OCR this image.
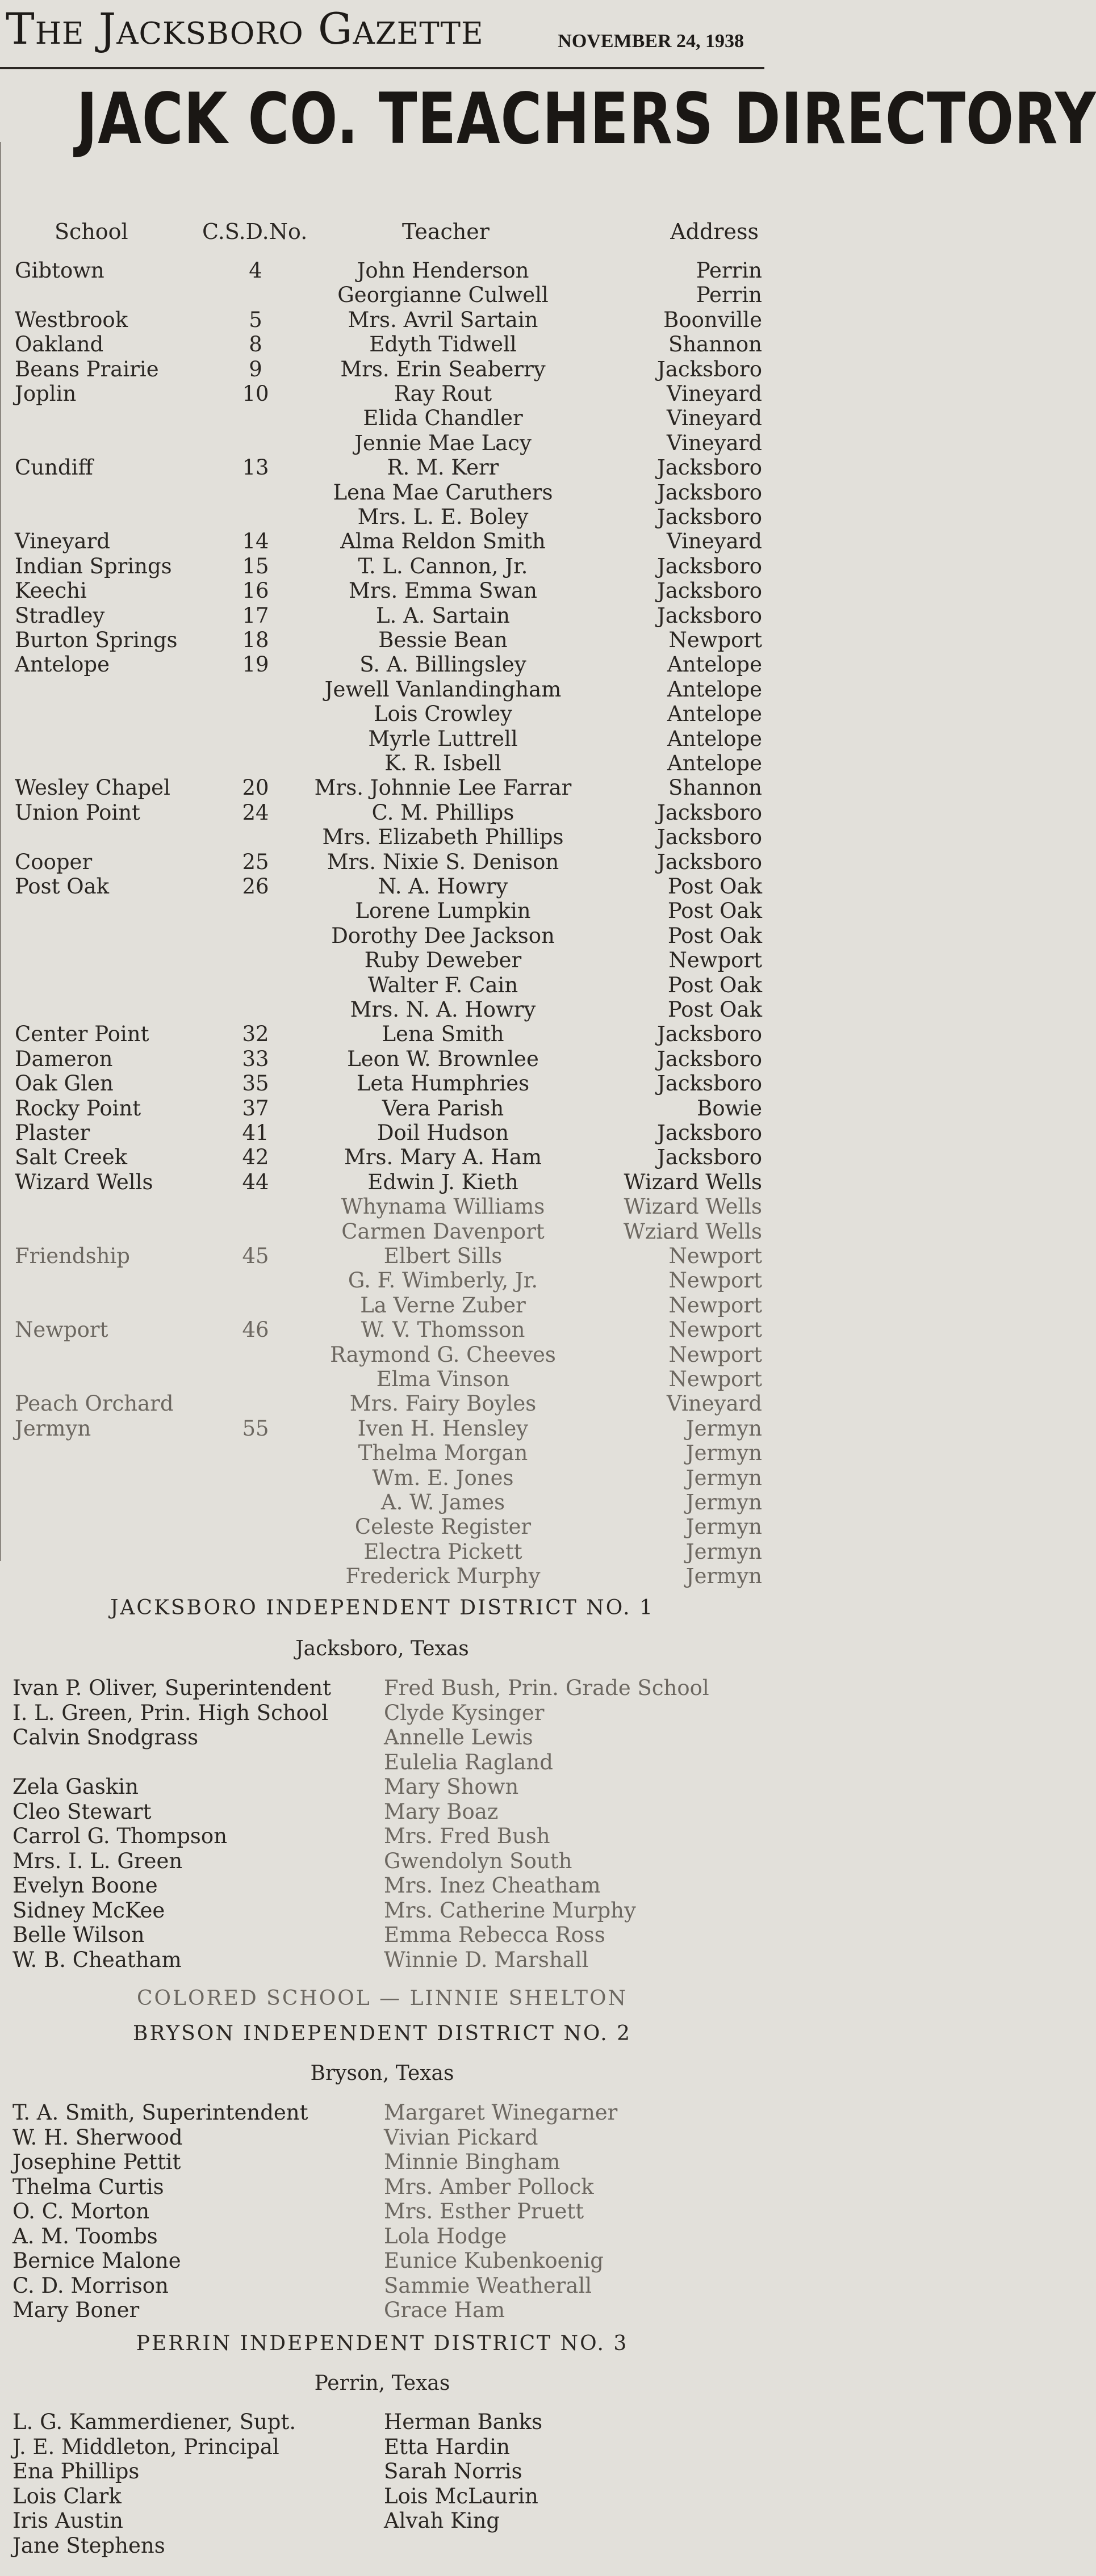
The Jacksboro Gazette	NOVEMBER 24, 1938
JACK CO. TEACHERS DIRECTORY
School	C.S.D.No.	Teacher	Address
Gibtown	4	John Henderson	Perrin
Georgianne Culwell	Perrin
Westbrook	5	Mrs. Avril Sartain	Boonville
Oakland	8	Edyth Tidwell	Shannon
Beans Prairie	9	Mrs. Erin Seaberry	Jacksboro
Joplin	10	Ray Rout	Vineyard
Elida Chandler	Vineyard
Jennie Mae Lacy	Vineyard
Cundiff	13	R. M. Kerr	Jacksboro
Lena Mae Caruthers	Jacksboro
Mrs. L. E. Boley	Jacksboro
Vineyard	14	Alma Reldon Smith	Vineyard
Indian Springs	15	T. L. Cannon, Jr.	Jacksboro
Keechi	16	Mrs. Emma Swan	Jacksboro
Stradley	17	L. A. Sartain	Jacksboro
Burton Springs	18	Bessie Bean	Newport
Antelope	19	S. A. Billingsley	Antelope
Jewell Vanlandingham	Antelope
Lois Crowley	Antelope
Myrle Luttrell	Antelope
K. R. Isbell	Antelope
Wesley Chapel	20	Mrs. Johnnie Lee Farrar	Shannon
Union Point	24	C. M. Phillips	Jacksboro
Mrs. Elizabeth Phillips	Jacksboro
Cooper	25	Mrs. Nixie S. Denison	Jacksboro
Post Oak	26	N. A. Howry	Post Oak
Lorene Lumpkin	Post Oak
Dorothy Dee Jackson	Post Oak
Ruby Deweber	Newport
Walter F. Cain	Post Oak
Mrs. N. A. Howry	Post Oak
Center Point	32	Lena Smith	Jacksboro
Dameron	33	Leon W. Brownlee	Jacksboro
Oak Glen	35	Leta Humphries	Jacksboro
Rocky Point	37	Vera Parish	Bowie
Plaster	41	Doil Hudson	Jacksboro
Salt Creek	42	Mrs. Mary A. Ham	Jacksboro
Wizard Wells	44	Edwin J. Kieth	Wizard Wells
Whynama Williams	Wizard Wells
Carmen Davenport	Wziard Wells
Friendship	45	Elbert Sills	Newport
G. F. Wimberly, Jr.	Newport
La Verne Zuber	Newport
Newport	46	W. V. Thomsson	Newport
Raymond G. Cheeves	Newport
Elma Vinson	Newport
Peach Orchard	Mrs. Fairy Boyles	Vineyard
Jermyn	55	Iven H. Hensley	Jermyn
Thelma Morgan	Jermyn
Wm. E. Jones	Jermyn
A. W. James	Jermyn
Celeste Register	Jermyn
Electra Pickett	Jermyn
Frederick Murphy	Jermyn
JACKSBORO INDEPENDENT DISTRICT NO. 1
Jacksboro, Texas
Ivan P. Oliver, Superintendent	Fred Bush, Prin. Grade School
I. L. Green, Prin. High School	Clyde Kysinger
Calvin Snodgrass	Annelle Lewis
Eulelia Ragland
Zela Gaskin	Mary Shown
Cleo Stewart	Mary Boaz
Carrol G. Thompson	Mrs. Fred Bush
Mrs. I. L. Green	Gwendolyn South
Evelyn Boone	Mrs. Inez Cheatham
Sidney McKee	Mrs. Catherine Murphy
Belle Wilson	Emma Rebecca Ross
W. B. Cheatham	Winnie D. Marshall
COLORED SCHOOL — LINNIE SHELTON
BRYSON INDEPENDENT DISTRICT NO. 2
Bryson, Texas
T. A. Smith, Superintendent	Margaret Winegarner
W. H. Sherwood	Vivian Pickard
Josephine Pettit	Minnie Bingham
Thelma Curtis	Mrs. Amber Pollock
O. C. Morton	Mrs. Esther Pruett
A. M. Toombs	Lola Hodge
Bernice Malone	Eunice Kubenkoenig
C. D. Morrison	Sammie Weatherall
Mary Boner	Grace Ham
PERRIN INDEPENDENT DISTRICT NO. 3
Perrin, Texas
L. G. Kammerdiener, Supt.	Herman Banks
J. E. Middleton, Principal	Etta Hardin
Ena Phillips	Sarah Norris
Lois Clark	Lois McLaurin
Iris Austin	Alvah King
Jane Stephens
